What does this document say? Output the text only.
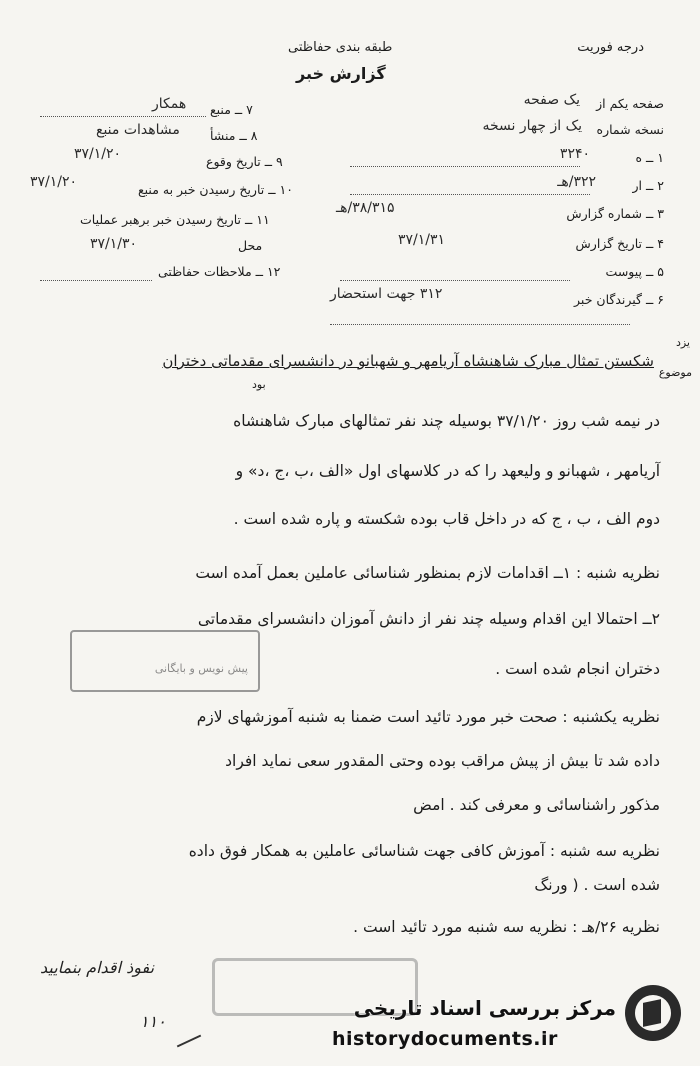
درجه فوریت
طبقه بندی حفاظتی
گزارش خبر
صفحه یکم از
یک صفحه
نسخه شماره
یک از چهار نسخه
۱ ــ ه
۳۲۴۰
۲ ــ ار
۳۲۲/هـ
۳ ــ شماره گزارش
۳۸/۳۱۵/هـ
۴ ــ تاریخ گزارش
۳۷/۱/۳۱
۵ ــ پیوست
۶ ــ گیرندگان خبر
۳۱۲ جهت استحضار
۷ ــ منبع
همکار
۸ ــ منشأ
مشاهدات منبع
۹ ــ تاریخ وقوع
۳۷/۱/۲۰
۱۰ ــ تاریخ رسیدن خبر به منبع
۳۷/۱/۲۰
۱۱ ــ تاریخ رسیدن خبر برهبر عملیات
محل
۳۷/۱/۳۰
۱۲ ــ ملاحظات حفاظتی
یزد
موضوع
شکستن تمثال مبارک شاهنشاه آریامهر و شهبانو در دانشسرای مقدماتی دختران
بود
در نیمه شب روز ۳۷/۱/۲۰ بوسیله چند نفر تمثالهای مبارک شاهنشاه
آریامهر ، شهبانو و ولیعهد را که در کلاسهای اول «الف ،ب ،ج ،د» و
دوم الف ، ب ، ج که در داخل قاب بوده شکسته و پاره شده است .
نظریه شنبه : ۱ــ اقدامات لازم بمنظور شناسائی عاملین بعمل آمده است
۲ــ احتمالا این اقدام وسیله چند نفر از دانش آموزان دانشسرای مقدماتی
دختران انجام شده است .
نظریه یکشنبه : صحت خبر مورد تائید است ضمنا به شنبه آموزشهای لازم
داده شد تا بیش از پیش مراقب بوده وحتی المقدور سعی نماید افراد
مذکور راشناسائی و معرفی کند . امض
نظریه سه شنبه : آموزش کافی جهت شناسائی عاملین به همکار فوق داده
شده است . ( ورنگ
نظریه ۲۶/هـ : نظریه سه شنبه مورد تائید است .
پیش نویس و بایگانی
نفوذ اقدام بنمایید
۱۱۰
مرکز بررسی اسناد تاریخی
historydocuments.ir
